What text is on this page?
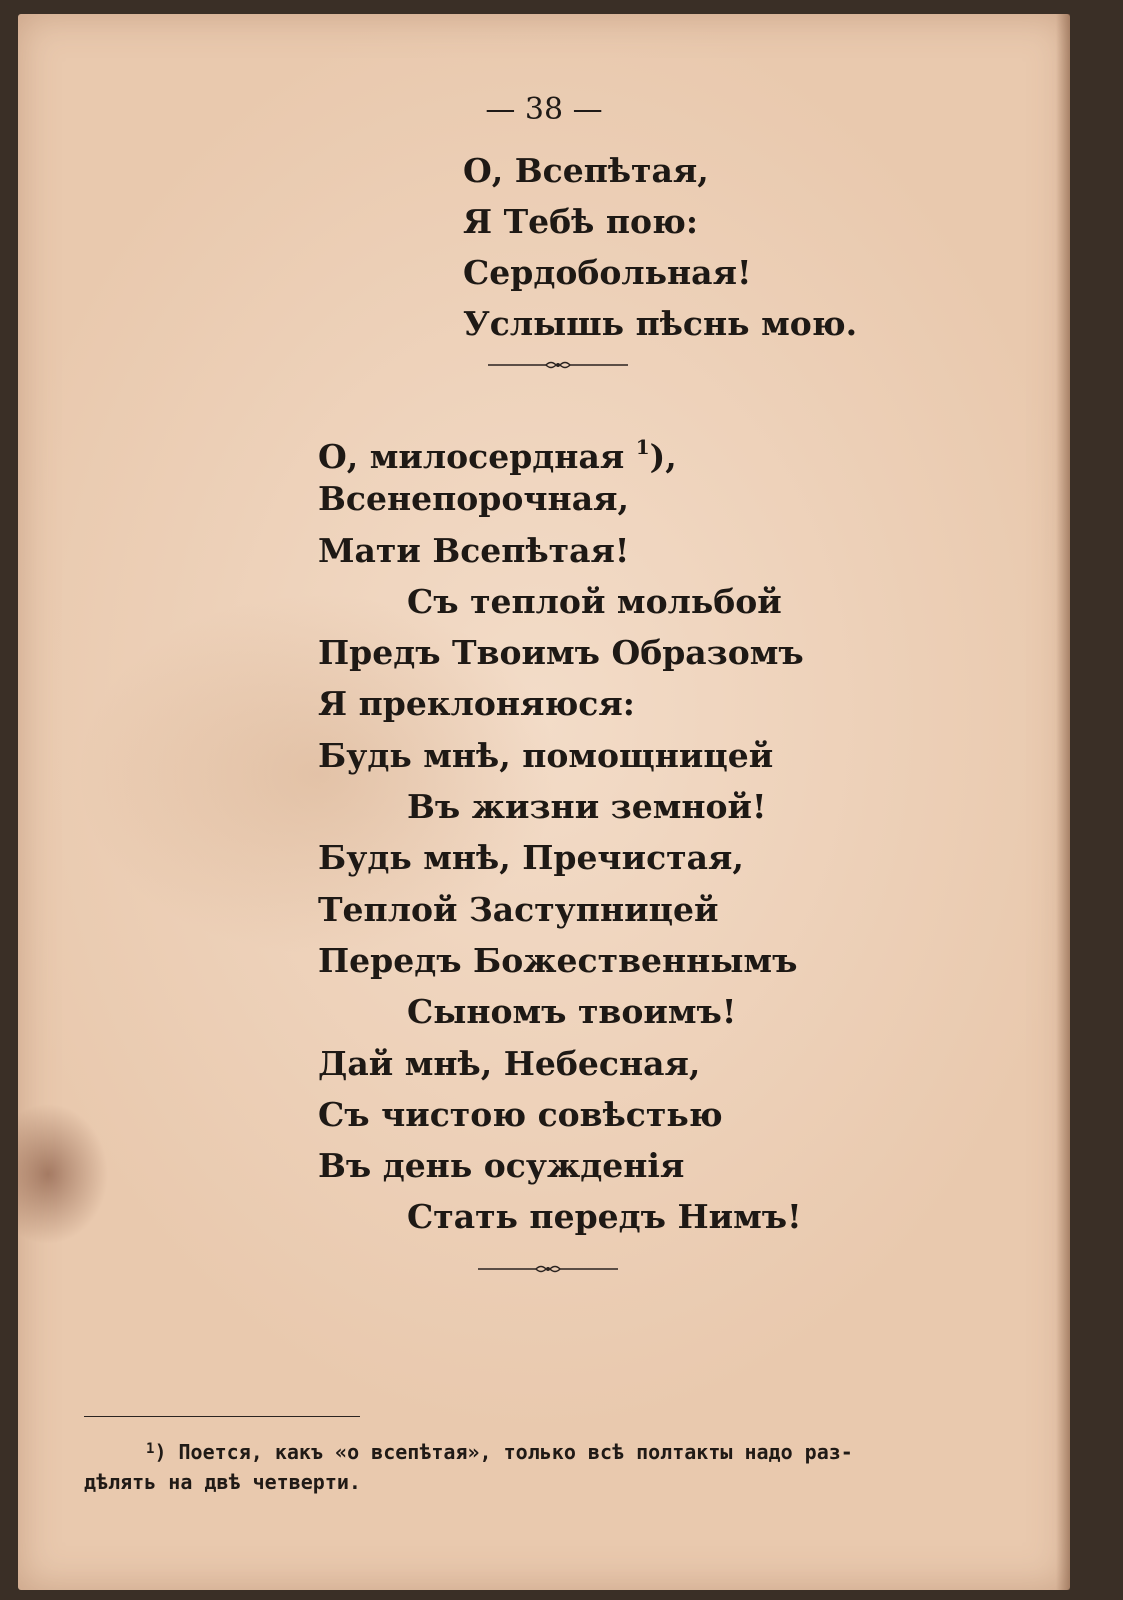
— 38 —
О, Всепѣтая,
Я Тебѣ пою:
Сердобольная!
Услышь пѣснь мою.
О, милосердная $^1$),
Всенепорочная,
Мати Всепѣтая!
Съ теплой мольбой
Предъ Твоимъ Образомъ
Я преклоняюся:
Будь мнѣ, помощницей
Въ жизни земной!
Будь мнѣ, Пречистая,
Теплой Заступницей
Передъ Божественнымъ
Сыномъ твоимъ!
Дай мнѣ, Небесная,
Съ чистою совѣстью
Въ день осужденія
Стать передъ Нимъ!
$^1$) Поется, какъ «о всепѣтая», только всѣ полтакты надо раз-
дѣлять на двѣ четверти.
